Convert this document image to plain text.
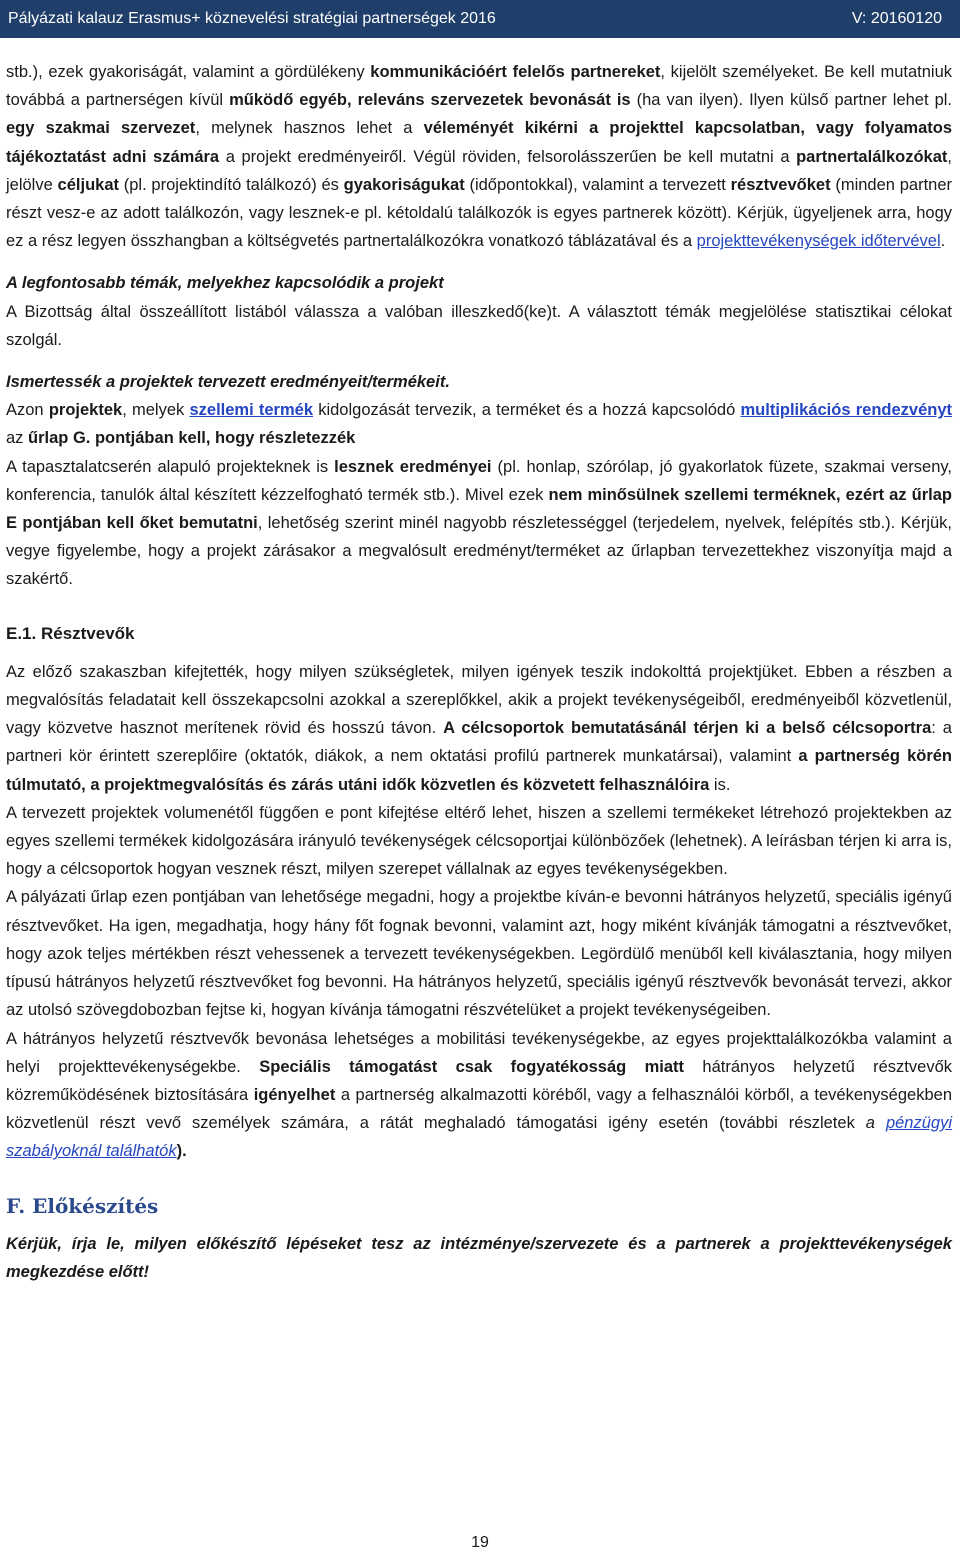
Pályázati kalauz Erasmus+ köznevelési stratégiai partnerségek 2016	V: 20160120

stb.), ezek gyakoriságát, valamint a gördülékeny kommunikációért felelős partnereket, kijelölt személyeket. Be kell mutatniuk továbbá a partnerségen kívül működő egyéb, releváns szervezetek bevonását is (ha van ilyen). Ilyen külső partner lehet pl. egy szakmai szervezet, melynek hasznos lehet a véleményét kikérni a projekttel kapcsolatban, vagy folyamatos tájékoztatást adni számára a projekt eredményeiről. Végül röviden, felsorolásszerűen be kell mutatni a partnertalálkozókat, jelölve céljukat (pl. projektindító találkozó) és gyakoriságukat (időpontokkal), valamint a tervezett résztvevőket (minden partner részt vesz-e az adott találkozón, vagy lesznek-e pl. kétoldalú találkozók is egyes partnerek között). Kérjük, ügyeljenek arra, hogy ez a rész legyen összhangban a költségvetés partnertalálkozókra vonatkozó táblázatával és a projekttevékenységek időtervével.

A legfontosabb témák, melyekhez kapcsolódik a projekt

A Bizottság által összeállított listából válassza a valóban illeszkedő(ke)t. A választott témák megjelölése statisztikai célokat szolgál.

Ismertessék a projektek tervezett eredményeit/termékeit.

Azon projektek, melyek szellemi termék kidolgozását tervezik, a terméket és a hozzá kapcsolódó multiplikációs rendezvényt az űrlap G. pontjában kell, hogy részletezzék

A tapasztalatcserén alapuló projekteknek is lesznek eredményei (pl. honlap, szórólap, jó gyakorlatok füzete, szakmai verseny, konferencia, tanulók által készített kézzelfogható termék stb.). Mivel ezek nem minősülnek szellemi terméknek, ezért az űrlap E pontjában kell őket bemutatni, lehetőség szerint minél nagyobb részletességgel (terjedelem, nyelvek, felépítés stb.). Kérjük, vegye figyelembe, hogy a projekt zárásakor a megvalósult eredményt/terméket az űrlapban tervezettekhez viszonyítja majd a szakértő.

E.1. Résztvevők

Az előző szakaszban kifejtették, hogy milyen szükségletek, milyen igények teszik indokolttá projektjüket. Ebben a részben a megvalósítás feladatait kell összekapcsolni azokkal a szereplőkkel, akik a projekt tevékenységeiből, eredményeiből közvetlenül, vagy közvetve hasznot merítenek rövid és hosszú távon. A célcsoportok bemutatásánál térjen ki a belső célcsoportra: a partneri kör érintett szereplőire (oktatók, diákok, a nem oktatási profilú partnerek munkatársai), valamint a partnerség körén túlmutató, a projektmegvalósítás és zárás utáni idők közvetlen és közvetett felhasználóira is.

A tervezett projektek volumenétől függően e pont kifejtése eltérő lehet, hiszen a szellemi termékeket létrehozó projektekben az egyes szellemi termékek kidolgozására irányuló tevékenységek célcsoportjai különbözőek (lehetnek). A leírásban térjen ki arra is, hogy a célcsoportok hogyan vesznek részt, milyen szerepet vállalnak az egyes tevékenységekben.

A pályázati űrlap ezen pontjában van lehetősége megadni, hogy a projektbe kíván-e bevonni hátrányos helyzetű, speciális igényű résztvevőket. Ha igen, megadhatja, hogy hány főt fognak bevonni, valamint azt, hogy miként kívánják támogatni a résztvevőket, hogy azok teljes mértékben részt vehessenek a tervezett tevékenységekben. Legördülő menüből kell kiválasztania, hogy milyen típusú hátrányos helyzetű résztvevőket fog bevonni. Ha hátrányos helyzetű, speciális igényű résztvevők bevonását tervezi, akkor az utolsó szövegdobozban fejtse ki, hogyan kívánja támogatni részvételüket a projekt tevékenységeiben.

A hátrányos helyzetű résztvevők bevonása lehetséges a mobilitási tevékenységekbe, az egyes projekttalálkozókba valamint a helyi projekttevékenységekbe. Speciális támogatást csak fogyatékosság miatt hátrányos helyzetű résztvevők közreműködésének biztosítására igényelhet a partnerség alkalmazotti köréből, vagy a felhasználói körből, a tevékenységekben közvetlenül részt vevő személyek számára, a rátát meghaladó támogatási igény esetén (további részletek a pénzügyi szabályoknál találhatók).

F. Előkészítés

Kérjük, írja le, milyen előkészítő lépéseket tesz az intézménye/szervezete és a partnerek a projekttevékenységek megkezdése előtt!

19
